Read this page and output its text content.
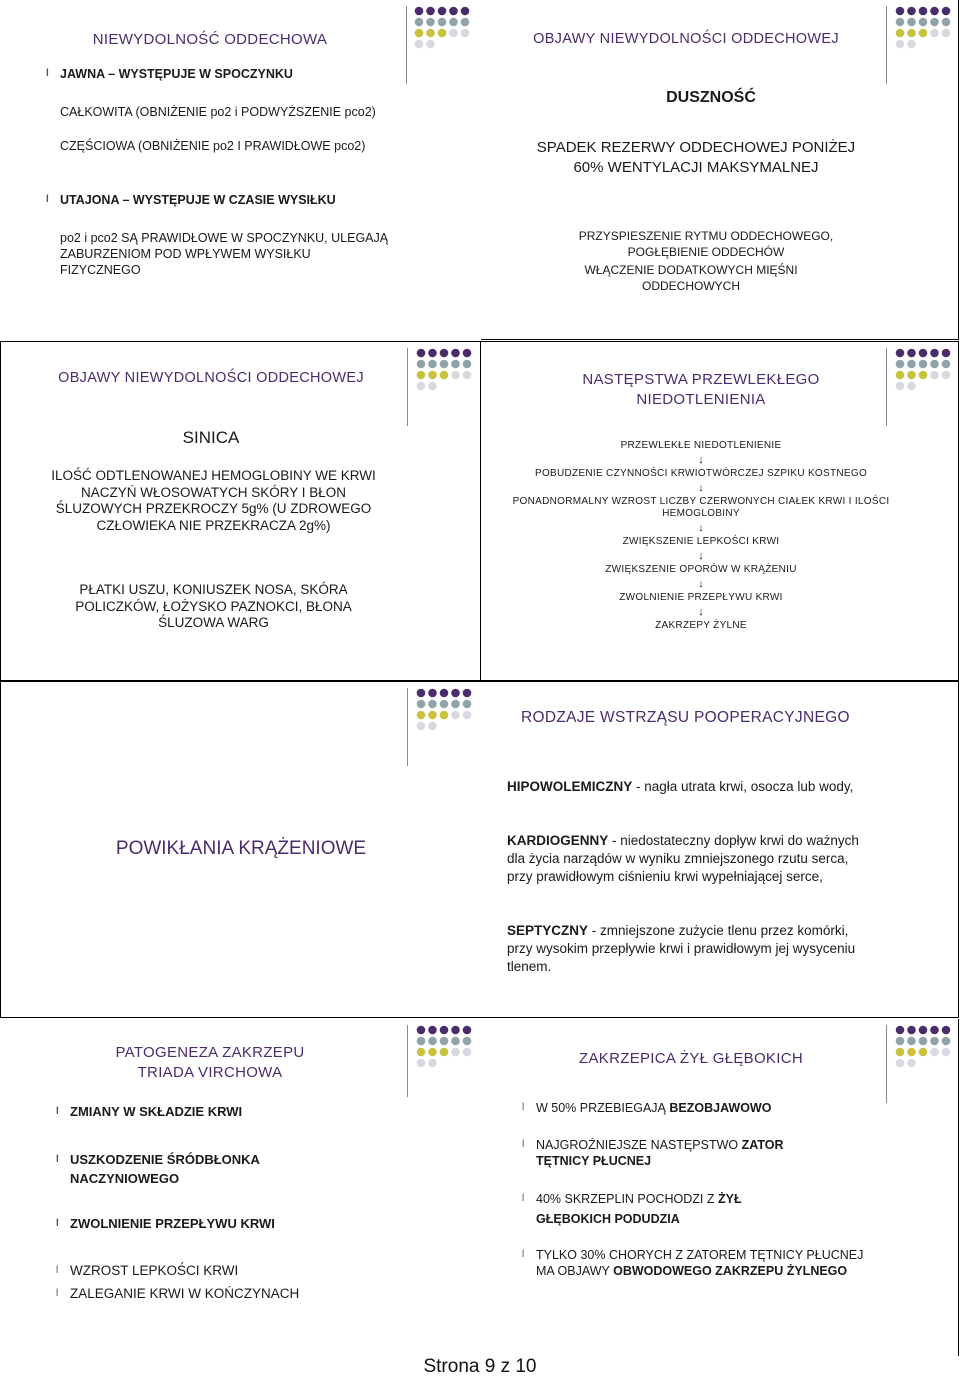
NIEWYDOLNOŚĆ ODDECHOWA
l JAWNA – WYSTĘPUJE W SPOCZYNKU
CAŁKOWITA (OBNIŻENIE po2 i PODWYŻSZENIE pco2)
CZĘŚCIOWA (OBNIŻENIE po2 I PRAWIDŁOWE pco2)
l UTAJONA – WYSTĘPUJE W CZASIE WYSIŁKU
po2 i pco2 SĄ PRAWIDŁOWE W SPOCZYNKU, ULEGAJĄ ZABURZENIOM POD WPŁYWEM WYSIŁKU FIZYCZNEGO
OBJAWY NIEWYDOLNOŚCI ODDECHOWEJ
DUSZNOŚĆ
SPADEK REZERWY ODDECHOWEJ PONIŻEJ 60% WENTYLACJI MAKSYMALNEJ
PRZYSPIESZENIE RYTMU ODDECHOWEGO, POGŁĘBIENIE ODDECHÓW
WŁĄCZENIE DODATKOWYCH MIĘŚNI ODDECHOWYCH
OBJAWY NIEWYDOLNOŚCI ODDECHOWEJ
SINICA
ILOŚĆ ODTLENOWANEJ HEMOGLOBINY WE KRWI NACZYŃ WŁOSOWATYCH SKÓRY I BŁON ŚLUZOWYCH PRZEKROCZY 5g% (U ZDROWEGO CZŁOWIEKA NIE PRZEKRACZA 2g%)
PŁATKI USZU, KONIUSZEK NOSA, SKÓRA POLICZKÓW, ŁOŻYSKO PAZNOKCI, BŁONA ŚLUZOWA WARG
NASTĘPSTWA PRZEWLEKŁEGO NIEDOTLENIENIA
PRZEWLEKŁE NIEDOTLENIENIE
↓
POBUDZENIE CZYNNOŚCI KRWIOTWÓRCZEJ SZPIKU KOSTNEGO
↓
PONADNORMALNY WZROST LICZBY CZERWONYCH CIAŁEK KRWI I ILOŚCI HEMOGLOBINY
↓
ZWIĘKSZENIE LEPKOŚCI KRWI
↓
ZWIĘKSZENIE OPORÓW W KRĄŻENIU
↓
ZWOLNIENIE PRZEPŁYWU KRWI
↓
ZAKRZEPY ŻYLNE
RODZAJE WSTRZĄSU POOPERACYJNEGO
POWIKŁANIA KRĄŻENIOWE
HIPOWOLEMICZNY - nagła utrata krwi, osocza lub wody,
KARDIOGENNY - niedostateczny dopływ krwi do ważnych dla życia narządów w wyniku zmniejszonego rzutu serca, przy prawidłowym ciśnieniu krwi wypełniającej serce,
SEPTYCZNY - zmniejszone zużycie tlenu przez komórki, przy wysokim przepływie krwi i prawidłowym jej wysyceniu tlenem.
PATOGENEZA ZAKRZEPU
TRIADA VIRCHOWA
l ZMIANY W SKŁADZIE KRWI
l USZKODZENIE ŚRÓDBŁONKA NACZYNIOWEGO
l ZWOLNIENIE PRZEPŁYWU KRWI
l WZROST LEPKOŚCI KRWI
l ZALEGANIE KRWI W KOŃCZYNACH
ZAKRZEPICA ŻYŁ GŁĘBOKICH
l W 50% PRZEBIEGAJĄ BEZOBJAWOWO
l NAJGROŹNIEJSZE NASTĘPSTWO ZATOR TĘTNICY PŁUCNEJ
l 40% SKRZEPLIN POCHODZI Z ŻYŁ GŁĘBOKICH PODUDZIA
l TYLKO 30% CHORYCH Z ZATOREM TĘTNICY PŁUCNEJ MA OBJAWY OBWODOWEGO ZAKRZEPU ŻYLNEGO
Strona 9 z 10
